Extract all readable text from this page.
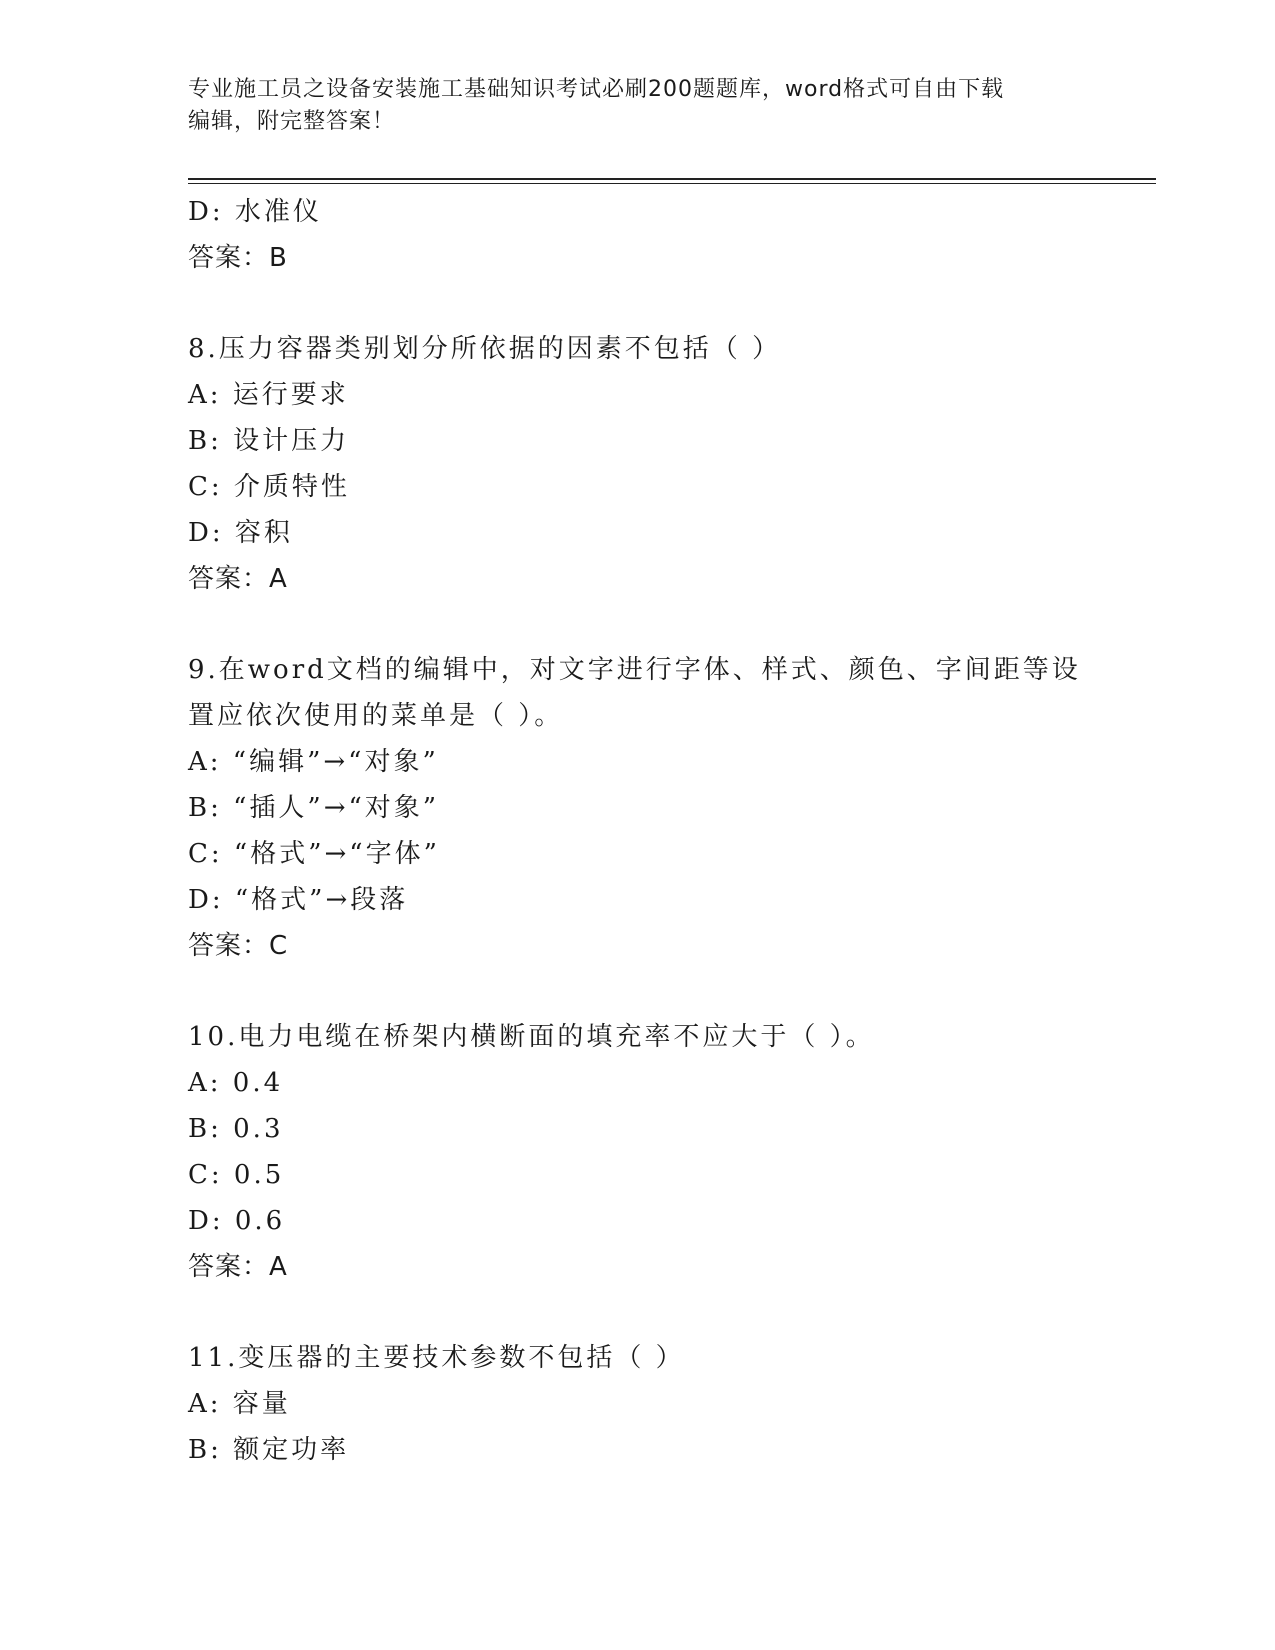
专业施工员之设备安装施工基础知识考试必刷200题题库，word格式可自由下载
编辑，附完整答案！
D: 水准仪
答案：B
8.压力容器类别划分所依据的因素不包括（ ）
A: 运行要求
B: 设计压力
C: 介质特性
D: 容积
答案：A
9.在word文档的编辑中，对文字进行字体、样式、颜色、字间距等设
置应依次使用的菜单是（ ）。
A: “编辑”→“对象”
B: “插人”→“对象”
C: “格式”→“字体”
D: “格式”→段落
答案：C
10.电力电缆在桥架内横断面的填充率不应大于（ ）。
A: 0.4
B: 0.3
C: 0.5
D: 0.6
答案：A
11.变压器的主要技术参数不包括（ ）
A: 容量
B: 额定功率
